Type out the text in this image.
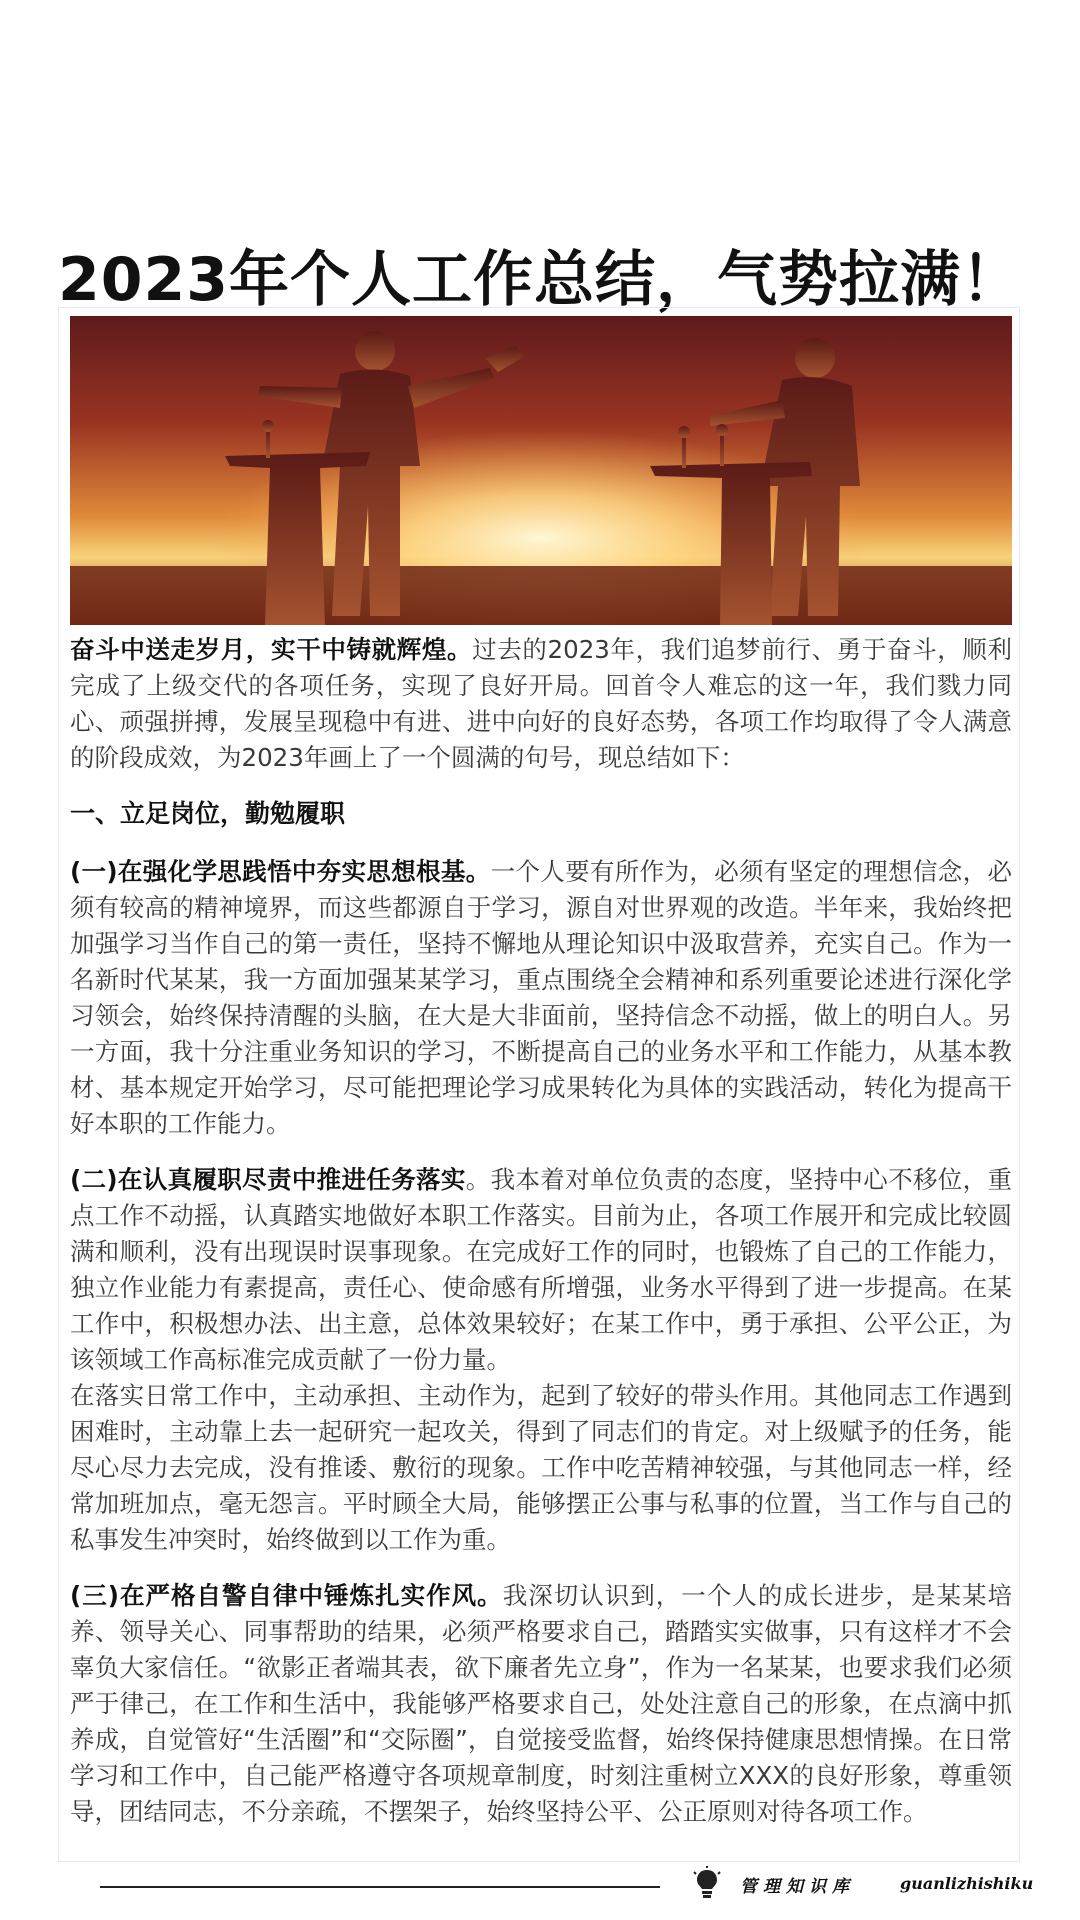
2023年个人工作总结，气势拉满！

奋斗中送走岁月，实干中铸就辉煌。过去的2023年，我们追梦前行、勇于奋斗，顺利完成了上级交代的各项任务，实现了良好开局。回首令人难忘的这一年，我们戮力同心、顽强拼搏，发展呈现稳中有进、进中向好的良好态势，各项工作均取得了令人满意的阶段成效，为2023年画上了一个圆满的句号，现总结如下：

一、立足岗位，勤勉履职

(一)在强化学思践悟中夯实思想根基。一个人要有所作为，必须有坚定的理想信念，必须有较高的精神境界，而这些都源自于学习，源自对世界观的改造。半年来，我始终把加强学习当作自己的第一责任，坚持不懈地从理论知识中汲取营养，充实自己。作为一名新时代某某，我一方面加强某某学习，重点围绕全会精神和系列重要论述进行深化学习领会，始终保持清醒的头脑，在大是大非面前，坚持信念不动摇，做上的明白人。另一方面，我十分注重业务知识的学习，不断提高自己的业务水平和工作能力，从基本教材、基本规定开始学习，尽可能把理论学习成果转化为具体的实践活动，转化为提高干好本职的工作能力。

(二)在认真履职尽责中推进任务落实。我本着对单位负责的态度，坚持中心不移位，重点工作不动摇，认真踏实地做好本职工作落实。目前为止，各项工作展开和完成比较圆满和顺利，没有出现误时误事现象。在完成好工作的同时，也锻炼了自己的工作能力，独立作业能力有素提高，责任心、使命感有所增强，业务水平得到了进一步提高。在某工作中，积极想办法、出主意，总体效果较好；在某工作中，勇于承担、公平公正，为该领域工作高标准完成贡献了一份力量。

在落实日常工作中，主动承担、主动作为，起到了较好的带头作用。其他同志工作遇到困难时，主动靠上去一起研究一起攻关，得到了同志们的肯定。对上级赋予的任务，能尽心尽力去完成，没有推诿、敷衍的现象。工作中吃苦精神较强，与其他同志一样，经常加班加点，毫无怨言。平时顾全大局，能够摆正公事与私事的位置，当工作与自己的私事发生冲突时，始终做到以工作为重。

(三)在严格自警自律中锤炼扎实作风。我深切认识到，一个人的成长进步，是某某培养、领导关心、同事帮助的结果，必须严格要求自己，踏踏实实做事，只有这样才不会辜负大家信任。“欲影正者端其表，欲下廉者先立身”，作为一名某某，也要求我们必须严于律己，在工作和生活中，我能够严格要求自己，处处注意自己的形象，在点滴中抓养成，自觉管好“生活圈”和“交际圈”，自觉接受监督，始终保持健康思想情操。在日常学习和工作中，自己能严格遵守各项规章制度，时刻注重树立XXX的良好形象，尊重领导，团结同志，不分亲疏，不摆架子，始终坚持公平、公正原则对待各项工作。

管理知识库	guanlizhishiku
